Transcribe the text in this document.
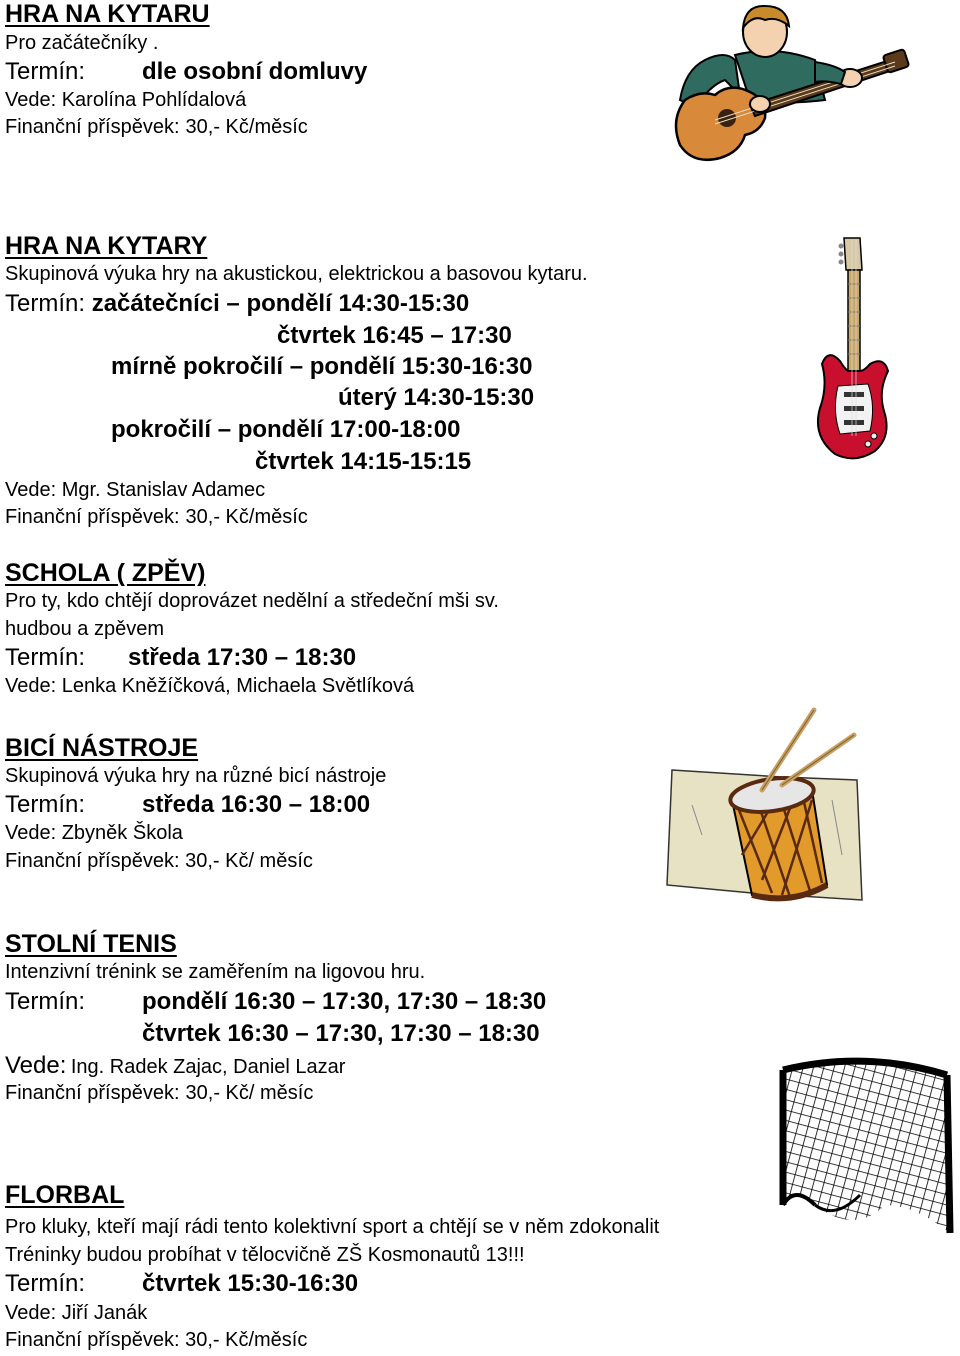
HRA NA KYTARU
Pro začátečníky .
Termín: dle osobní domluvy
Vede: Karolína Pohlídalová
Finanční příspěvek: 30,- Kč/měsíc
HRA NA KYTARY
Skupinová výuka hry na akustickou, elektrickou a basovou kytaru.
Termín: začátečníci – pondělí 14:30-15:30
čtvrtek 16:45 – 17:30
mírně pokročilí – pondělí 15:30-16:30
úterý 14:30-15:30
pokročilí – pondělí 17:00-18:00
čtvrtek 14:15-15:15
Vede: Mgr. Stanislav Adamec
Finanční příspěvek: 30,- Kč/měsíc
SCHOLA ( ZPĚV)
Pro ty, kdo chtějí doprovázet nedělní a středeční mši sv.
hudbou a zpěvem
Termín: středa 17:30 – 18:30
Vede: Lenka Kněžíčková, Michaela Světlíková
BICÍ NÁSTROJE
Skupinová výuka hry na různé bicí nástroje
Termín: středa 16:30 – 18:00
Vede: Zbyněk Škola
Finanční příspěvek: 30,- Kč/ měsíc
STOLNÍ TENIS
Intenzivní trénink se zaměřením na ligovou hru.
Termín: pondělí 16:30 – 17:30, 17:30 – 18:30
čtvrtek 16:30 – 17:30, 17:30 – 18:30
Vede: Ing. Radek Zajac, Daniel Lazar
Finanční příspěvek: 30,- Kč/ měsíc
FLORBAL
Pro kluky, kteří mají rádi tento kolektivní sport a chtějí se v něm zdokonalit
Tréninky budou probíhat v tělocvičně ZŠ Kosmonautů 13!!!
Termín: čtvrtek 15:30-16:30
Vede: Jiří Janák
Finanční příspěvek: 30,- Kč/měsíc
